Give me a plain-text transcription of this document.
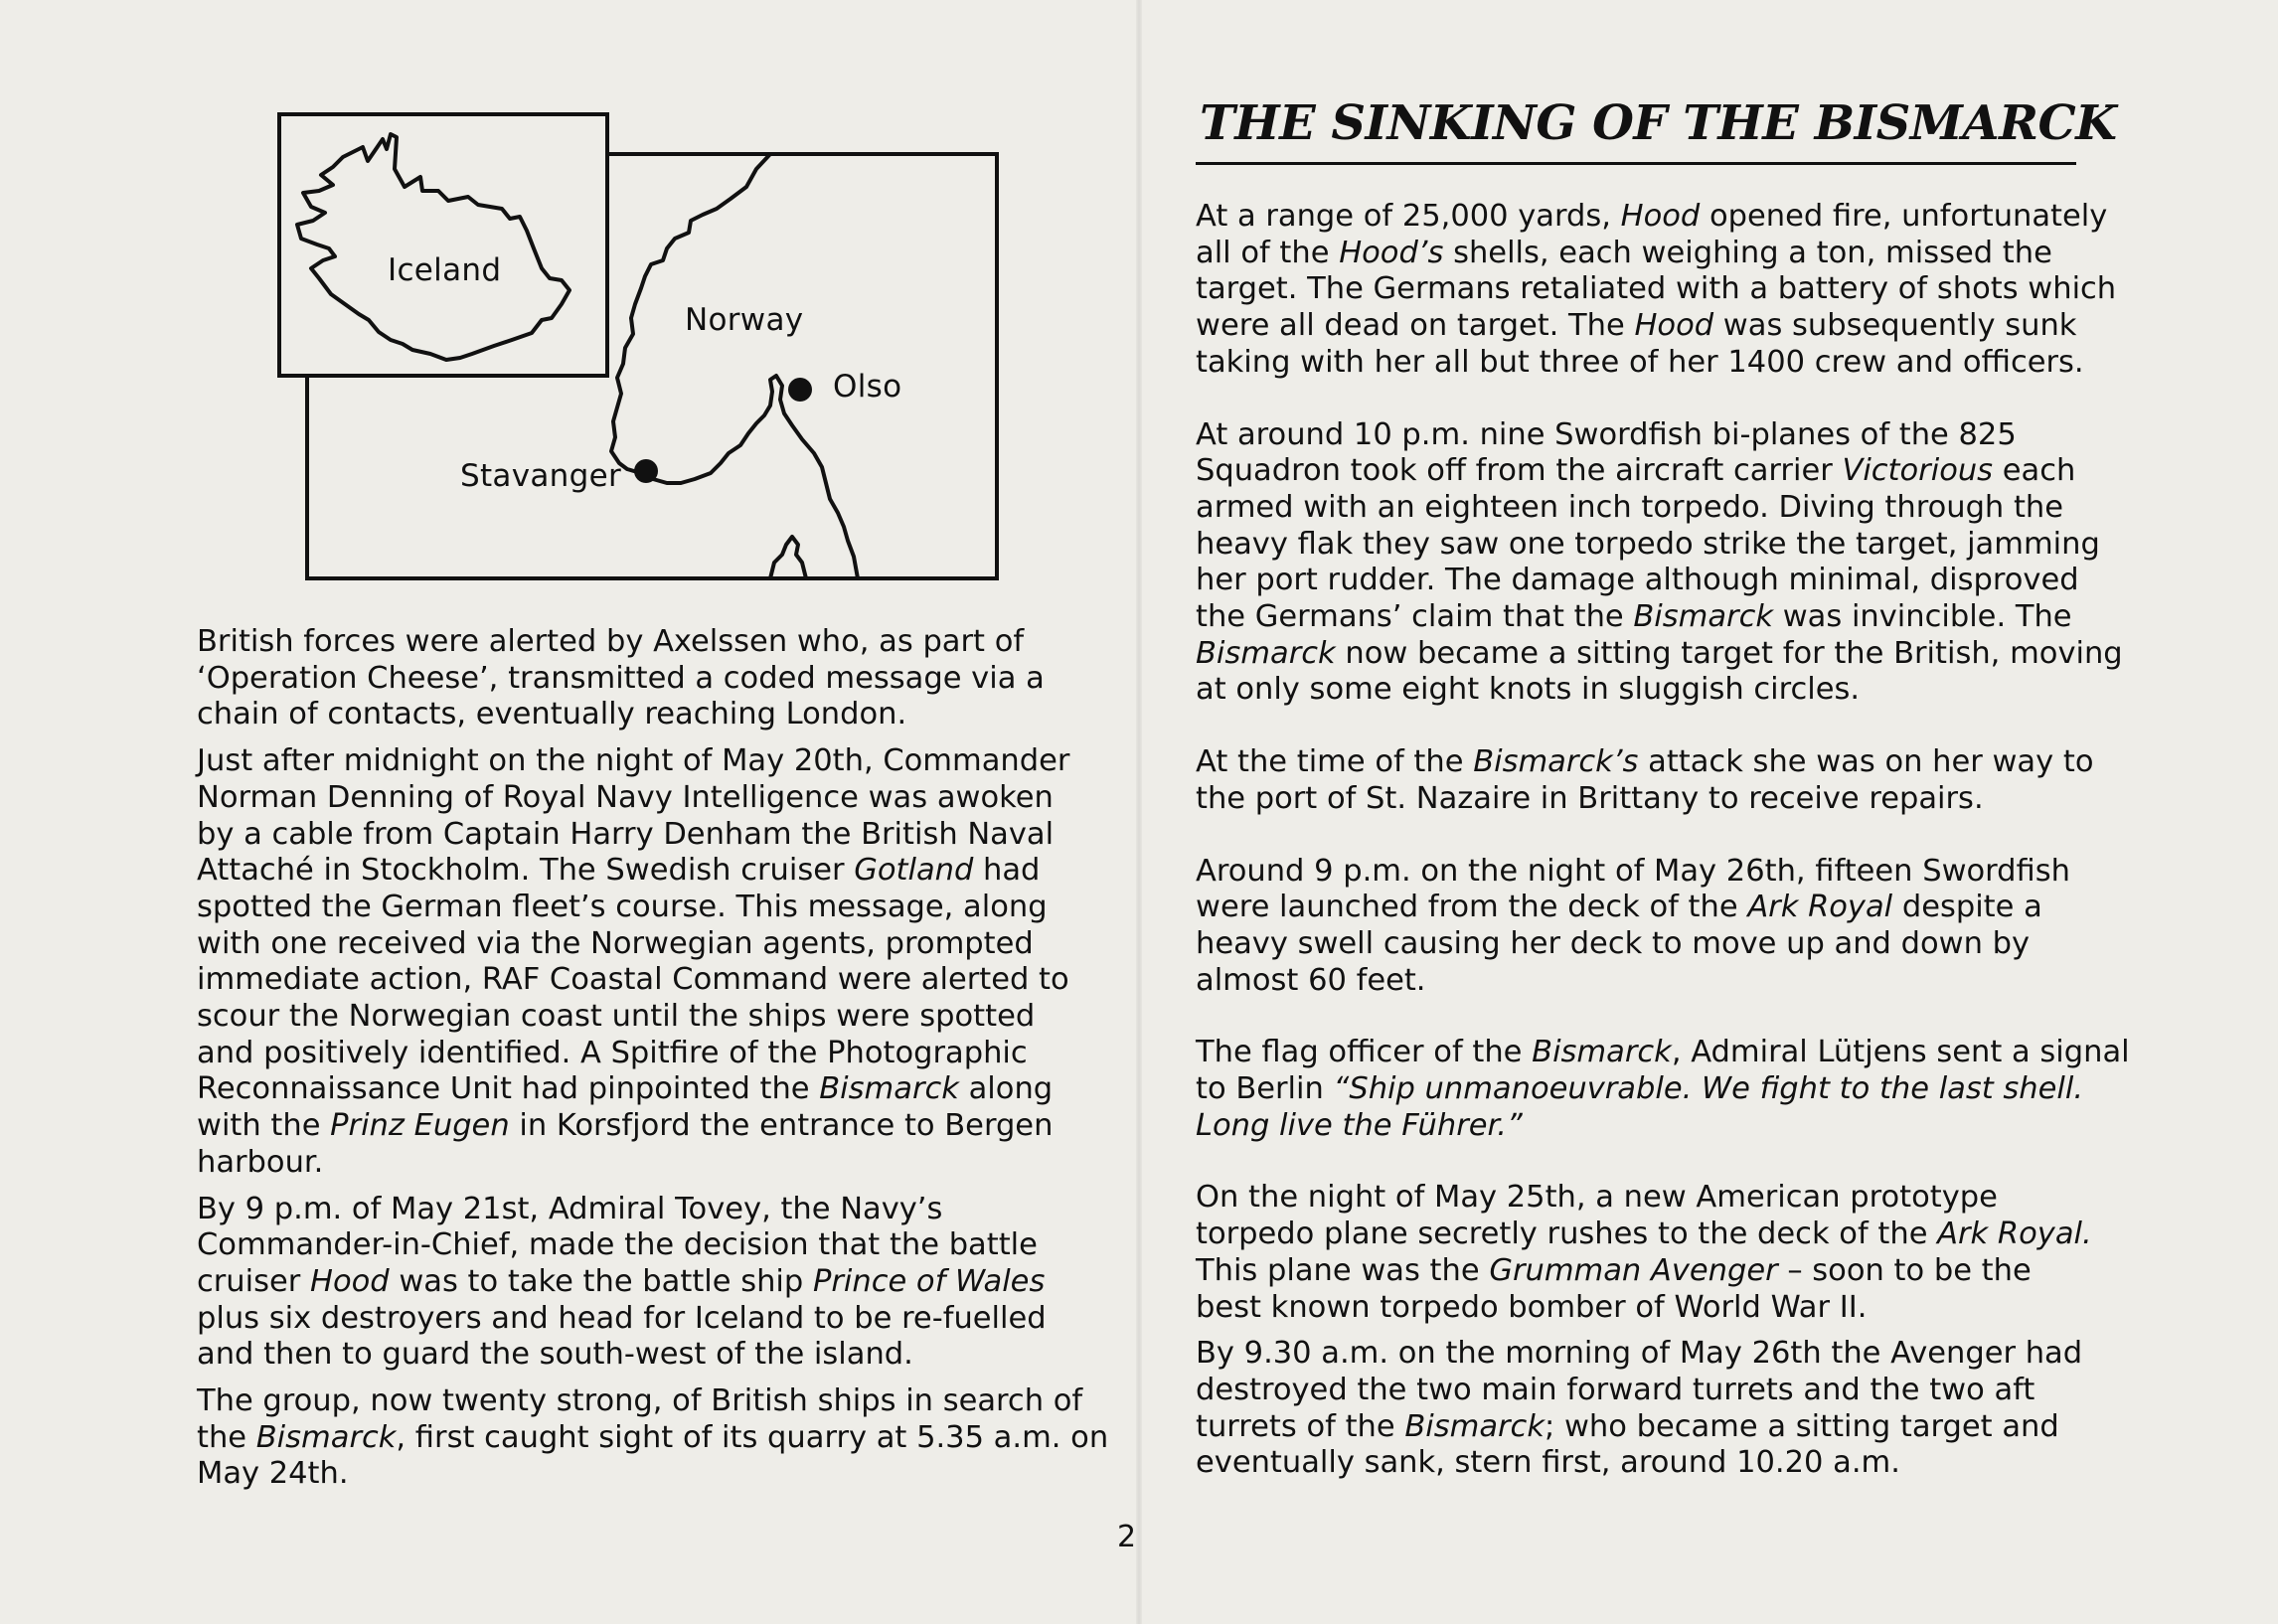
Iceland
Norway
Olso
Stavanger

British forces were alerted by Axelssen who, as part of
‘Operation Cheese’, transmitted a coded message via a
chain of contacts, eventually reaching London.

Just after midnight on the night of May 20th, Commander
Norman Denning of Royal Navy Intelligence was awoken
by a cable from Captain Harry Denham the British Naval
Attaché in Stockholm. The Swedish cruiser Gotland had
spotted the German fleet’s course. This message, along
with one received via the Norwegian agents, prompted
immediate action, RAF Coastal Command were alerted to
scour the Norwegian coast until the ships were spotted
and positively identified. A Spitfire of the Photographic
Reconnaissance Unit had pinpointed the Bismarck along
with the Prinz Eugen in Korsfjord the entrance to Bergen
harbour.

By 9 p.m. of May 21st, Admiral Tovey, the Navy’s
Commander-in-Chief, made the decision that the battle
cruiser Hood was to take the battle ship Prince of Wales
plus six destroyers and head for Iceland to be re-fuelled
and then to guard the south-west of the island.

The group, now twenty strong, of British ships in search of
the Bismarck, first caught sight of its quarry at 5.35 a.m. on
May 24th.

THE SINKING OF THE BISMARCK

At a range of 25,000 yards, Hood opened fire, unfortunately
all of the Hood’s shells, each weighing a ton, missed the
target. The Germans retaliated with a battery of shots which
were all dead on target. The Hood was subsequently sunk
taking with her all but three of her 1400 crew and officers.

At around 10 p.m. nine Swordfish bi-planes of the 825
Squadron took off from the aircraft carrier Victorious each
armed with an eighteen inch torpedo. Diving through the
heavy flak they saw one torpedo strike the target, jamming
her port rudder. The damage although minimal, disproved
the Germans’ claim that the Bismarck was invincible. The
Bismarck now became a sitting target for the British, moving
at only some eight knots in sluggish circles.

At the time of the Bismarck’s attack she was on her way to
the port of St. Nazaire in Brittany to receive repairs.

Around 9 p.m. on the night of May 26th, fifteen Swordfish
were launched from the deck of the Ark Royal despite a
heavy swell causing her deck to move up and down by
almost 60 feet.

The flag officer of the Bismarck, Admiral Lütjens sent a signal
to Berlin “Ship unmanoeuvrable. We fight to the last shell.
Long live the Führer.”

On the night of May 25th, a new American prototype
torpedo plane secretly rushes to the deck of the Ark Royal.
This plane was the Grumman Avenger – soon to be the
best known torpedo bomber of World War II.

By 9.30 a.m. on the morning of May 26th the Avenger had
destroyed the two main forward turrets and the two aft
turrets of the Bismarck; who became a sitting target and
eventually sank, stern first, around 10.20 a.m.

2
